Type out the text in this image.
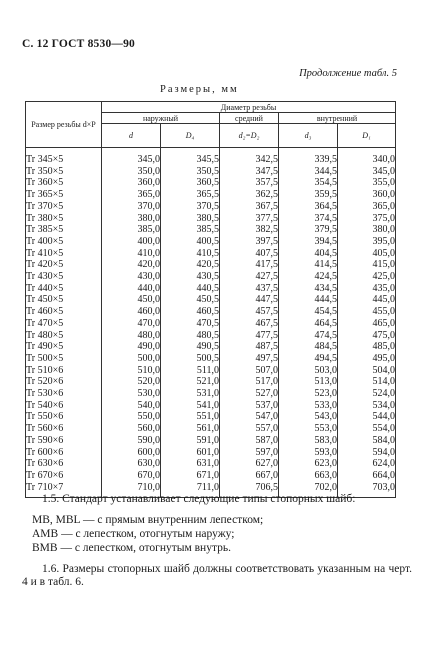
С. 12 ГОСТ 8530—90
Продолжение табл. 5
Размеры, мм
Размер резьбы d×P	Диаметр резьбы				
	наружный		средний	внутренний	
	d	D₄	d₂=D₂	d₃	D₁
Tr 345×5	345,0	345,5	342,5	339,5	340,0
Tr 350×5	350,0	350,5	347,5	344,5	345,0
Tr 360×5	360,0	360,5	357,5	354,5	355,0
Tr 365×5	365,0	365,5	362,5	359,5	360,0
Tr 370×5	370,0	370,5	367,5	364,5	365,0
Tr 380×5	380,0	380,5	377,5	374,5	375,0
Tr 385×5	385,0	385,5	382,5	379,5	380,0
Tr 400×5	400,0	400,5	397,5	394,5	395,0
Tr 410×5	410,0	410,5	407,5	404,5	405,0
Tr 420×5	420,0	420,5	417,5	414,5	415,0
Tr 430×5	430,0	430,5	427,5	424,5	425,0
Tr 440×5	440,0	440,5	437,5	434,5	435,0
Tr 450×5	450,0	450,5	447,5	444,5	445,0
Tr 460×5	460,0	460,5	457,5	454,5	455,0
Tr 470×5	470,0	470,5	467,5	464,5	465,0
Tr 480×5	480,0	480,5	477,5	474,5	475,0
Tr 490×5	490,0	490,5	487,5	484,5	485,0
Tr 500×5	500,0	500,5	497,5	494,5	495,0
Tr 510×6	510,0	511,0	507,0	503,0	504,0
Tr 520×6	520,0	521,0	517,0	513,0	514,0
Tr 530×6	530,0	531,0	527,0	523,0	524,0
Tr 540×6	540,0	541,0	537,0	533,0	534,0
Tr 550×6	550,0	551,0	547,0	543,0	544,0
Tr 560×6	560,0	561,0	557,0	553,0	554,0
Tr 590×6	590,0	591,0	587,0	583,0	584,0
Tr 600×6	600,0	601,0	597,0	593,0	594,0
Tr 630×6	630,0	631,0	627,0	623,0	624,0
Tr 670×6	670,0	671,0	667,0	663,0	664,0
Tr 710×7	710,0	711,0	706,5	702,0	703,0
1.5. Стандарт устанавливает следующие типы стопорных шайб:
MB, MBL — с прямым внутренним лепестком;
AMB — с лепестком, отогнутым наружу;
BMB — с лепестком, отогнутым внутрь.
1.6. Размеры стопорных шайб должны соответствовать указанным на черт. 4 и в табл. 6.
